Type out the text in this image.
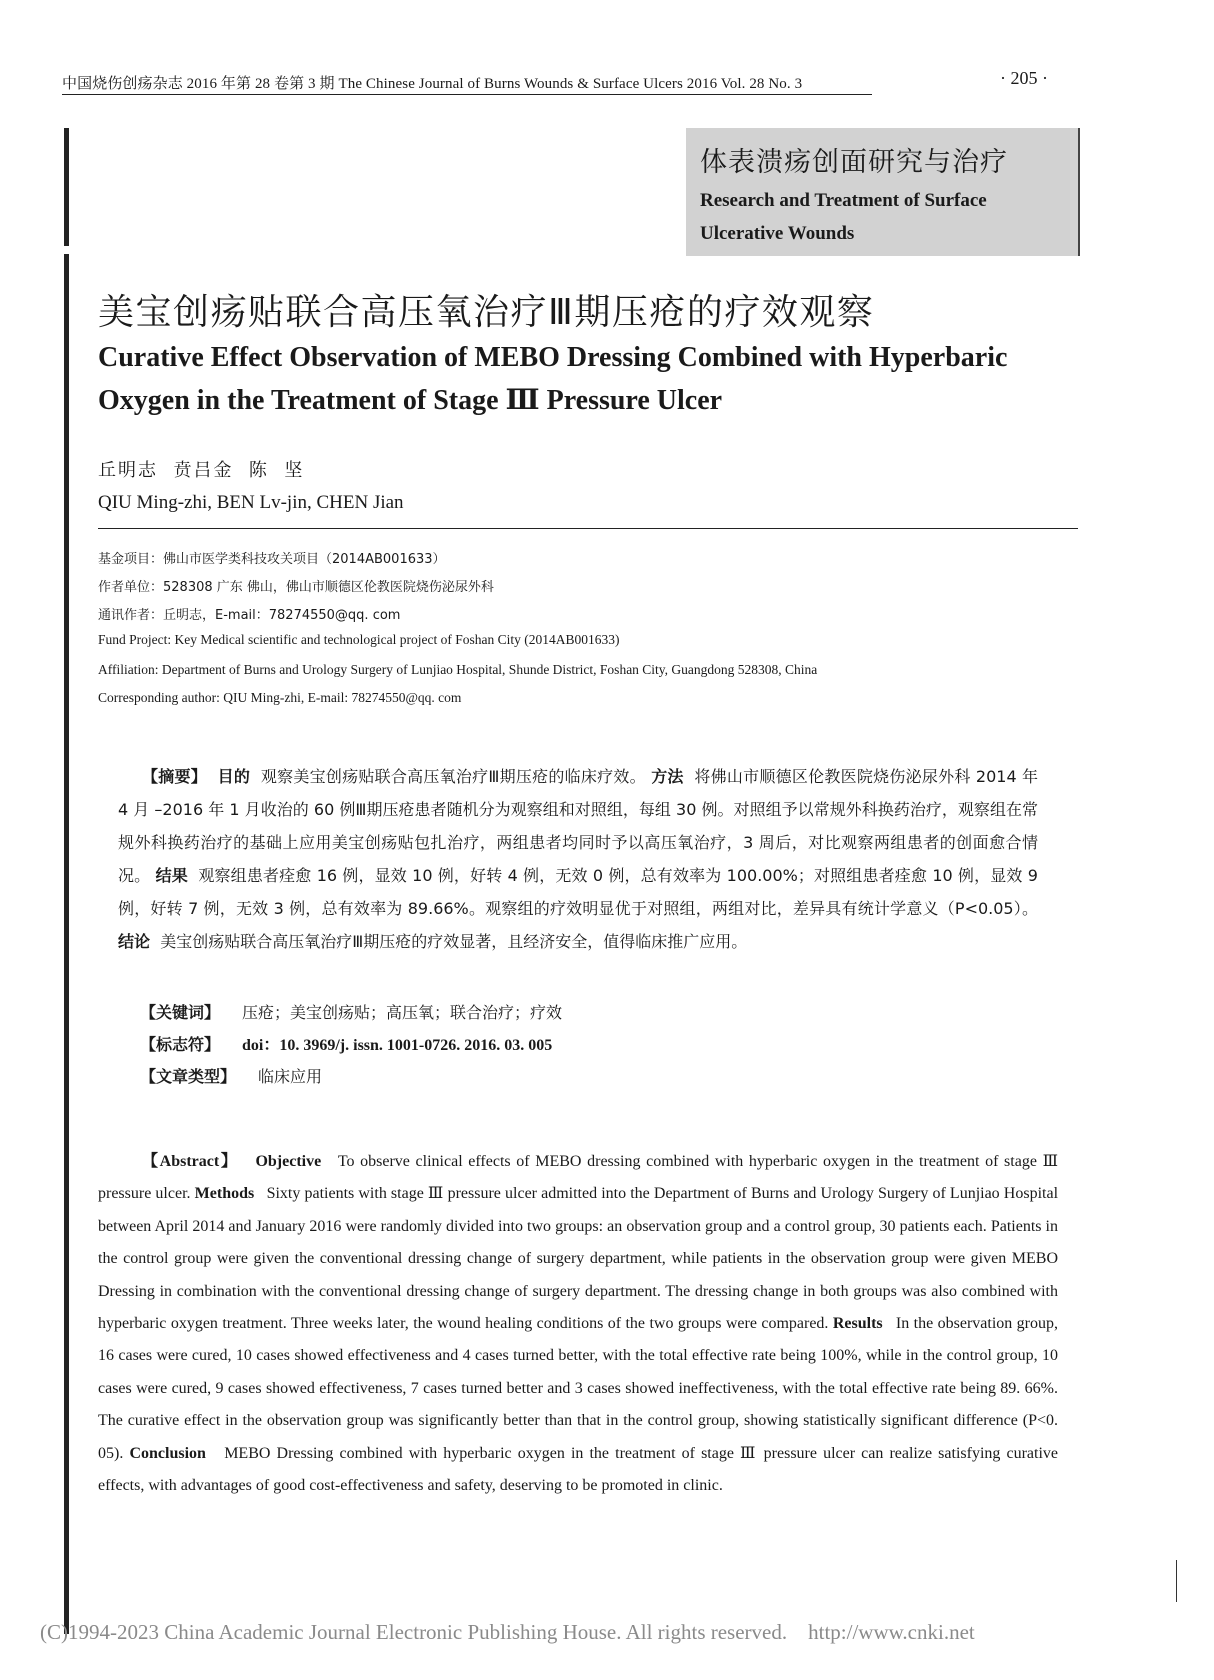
中国烧伤创疡杂志 2016 年第 28 卷第 3 期 The Chinese Journal of Burns Wounds & Surface Ulcers 2016 Vol. 28 No. 3	· 205 ·
体表溃疡创面研究与治疗
Research and Treatment of Surface Ulcerative Wounds
美宝创疡贴联合高压氧治疗Ⅲ期压疮的疗效观察
Curative Effect Observation of MEBO Dressing Combined with Hyperbaric Oxygen in the Treatment of Stage Ⅲ Pressure Ulcer
丘明志  贲吕金  陈  坚
QIU Ming-zhi, BEN Lv-jin, CHEN Jian
基金项目：佛山市医学类科技攻关项目（2014AB001633）
作者单位：528308 广东 佛山，佛山市顺德区伦教医院烧伤泌尿外科
通讯作者：丘明志，E-mail：78274550@qq. com
Fund Project: Key Medical scientific and technological project of Foshan City (2014AB001633)
Affiliation: Department of Burns and Urology Surgery of Lunjiao Hospital, Shunde District, Foshan City, Guangdong 528308, China
Corresponding author: QIU Ming-zhi, E-mail: 78274550@qq. com
【摘要】 目的 观察美宝创疡贴联合高压氧治疗Ⅲ期压疮的临床疗效。 方法 将佛山市顺德区伦教医院烧伤泌尿外科 2014 年 4 月 –2016 年 1 月收治的 60 例Ⅲ期压疮患者随机分为观察组和对照组，每组 30 例。对照组予以常规外科换药治疗，观察组在常规外科换药治疗的基础上应用美宝创疡贴包扎治疗，两组患者均同时予以高压氧治疗，3 周后，对比观察两组患者的创面愈合情况。 结果 观察组患者痊愈 16 例，显效 10 例，好转 4 例，无效 0 例，总有效率为 100.00%；对照组患者痊愈 10 例，显效 9 例，好转 7 例，无效 3 例，总有效率为 89.66%。观察组的疗效明显优于对照组，两组对比，差异具有统计学意义（P<0.05）。 结论 美宝创疡贴联合高压氧治疗Ⅲ期压疮的疗效显著，且经济安全，值得临床推广应用。
【关键词】 压疮；美宝创疡贴；高压氧；联合治疗；疗效
【标志符】 doi：10. 3969/j. issn. 1001-0726. 2016. 03. 005
【文章类型】 临床应用
【Abstract】 Objective To observe clinical effects of MEBO dressing combined with hyperbaric oxygen in the treatment of stage Ⅲ pressure ulcer. Methods Sixty patients with stage Ⅲ pressure ulcer admitted into the Department of Burns and Urology Surgery of Lunjiao Hospital between April 2014 and January 2016 were randomly divided into two groups: an observation group and a control group, 30 patients each. Patients in the control group were given the conventional dressing change of surgery department, while patients in the observation group were given MEBO Dressing in combination with the conventional dressing change of surgery department. The dressing change in both groups was also combined with hyperbaric oxygen treatment. Three weeks later, the wound healing conditions of the two groups were compared. Results In the observation group, 16 cases were cured, 10 cases showed effectiveness and 4 cases turned better, with the total effective rate being 100%, while in the control group, 10 cases were cured, 9 cases showed effectiveness, 7 cases turned better and 3 cases showed ineffectiveness, with the total effective rate being 89. 66%. The curative effect in the observation group was significantly better than that in the control group, showing statistically significant difference (P<0. 05). Conclusion MEBO Dressing combined with hyperbaric oxygen in the treatment of stage Ⅲ pressure ulcer can realize satisfying curative effects, with advantages of good cost-effectiveness and safety, deserving to be promoted in clinic.
(C)1994-2023 China Academic Journal Electronic Publishing House. All rights reserved.    http://www.cnki.net
